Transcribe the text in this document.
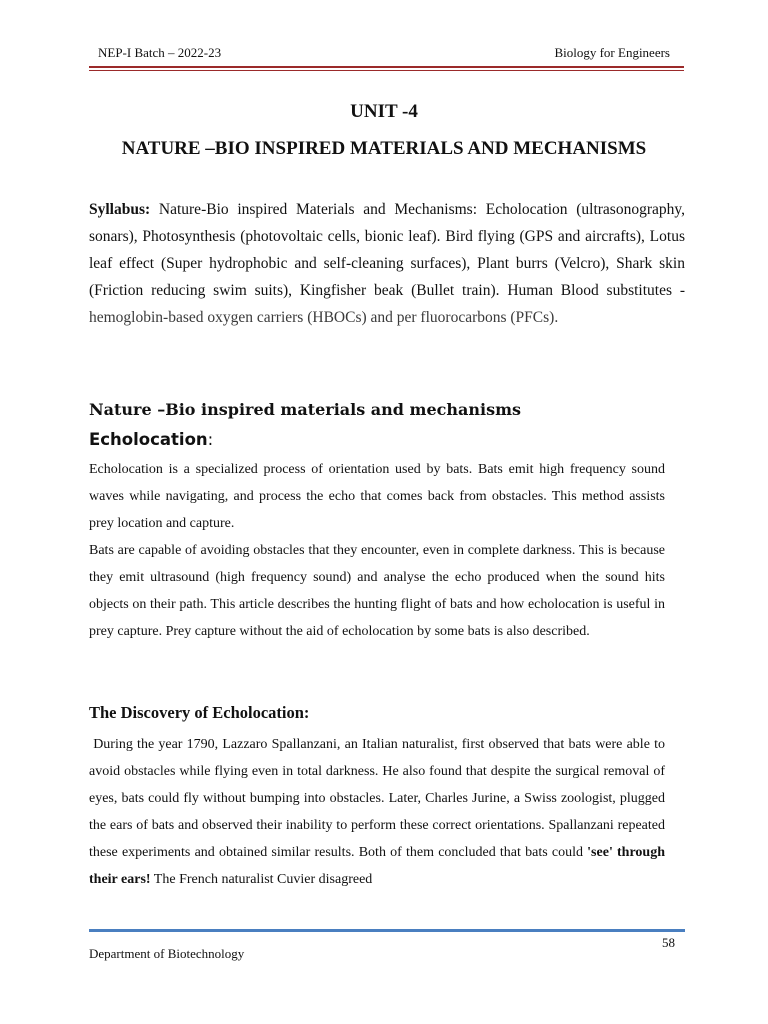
NEP-I Batch – 2022-23	Biology for Engineers
UNIT -4
NATURE –BIO INSPIRED MATERIALS AND MECHANISMS
Syllabus: Nature-Bio inspired Materials and Mechanisms: Echolocation (ultrasonography, sonars), Photosynthesis (photovoltaic cells, bionic leaf). Bird flying (GPS and aircrafts), Lotus leaf effect (Super hydrophobic and self-cleaning surfaces), Plant burrs (Velcro), Shark skin (Friction reducing swim suits), Kingfisher beak (Bullet train). Human Blood substitutes - hemoglobin-based oxygen carriers (HBOCs) and per fluorocarbons (PFCs).
Nature –Bio inspired materials and mechanisms
Echolocation:
Echolocation is a specialized process of orientation used by bats. Bats emit high frequency sound waves while navigating, and process the echo that comes back from obstacles. This method assists prey location and capture.
Bats are capable of avoiding obstacles that they encounter, even in complete darkness. This is because they emit ultrasound (high frequency sound) and analyse the echo produced when the sound hits objects on their path. This article describes the hunting flight of bats and how echolocation is useful in prey capture. Prey capture without the aid of echolocation by some bats is also described.
The Discovery of Echolocation:
During the year 1790, Lazzaro Spallanzani, an Italian naturalist, first observed that bats were able to avoid obstacles while flying even in total darkness. He also found that despite the surgical removal of eyes, bats could fly without bumping into obstacles. Later, Charles Jurine, a Swiss zoologist, plugged the ears of bats and observed their inability to perform these correct orientations. Spallanzani repeated these experiments and obtained similar results. Both of them concluded that bats could 'see' through their ears! The French naturalist Cuvier disagreed
58
Department of Biotechnology
